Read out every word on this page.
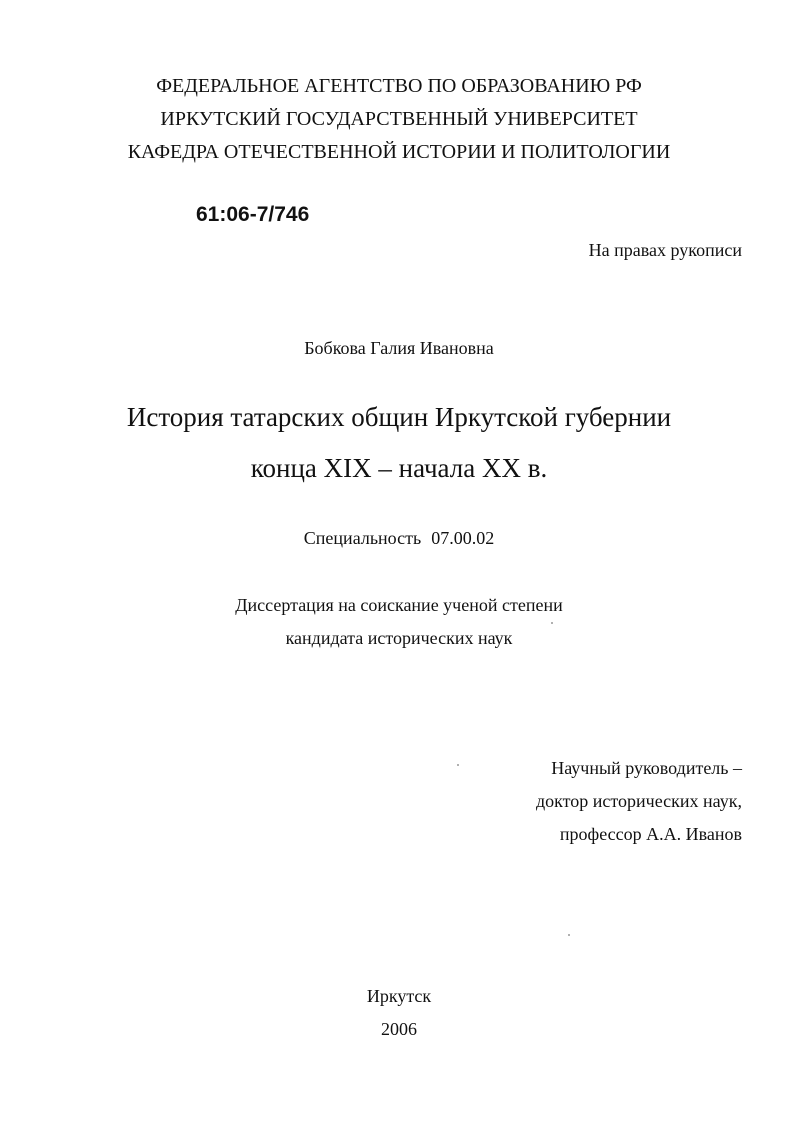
ФЕДЕРАЛЬНОЕ АГЕНТСТВО ПО ОБРАЗОВАНИЮ РФ
ИРКУТСКИЙ ГОСУДАРСТВЕННЫЙ УНИВЕРСИТЕТ
КАФЕДРА ОТЕЧЕСТВЕННОЙ ИСТОРИИ И ПОЛИТОЛОГИИ
61:06-7/746
На правах рукописи
Бобкова Галия Ивановна
История татарских общин Иркутской губернии
конца XIX – начала XX в.
Специальность 07.00.02
Диссертация на соискание ученой степени
кандидата исторических наук
Научный руководитель –
доктор исторических наук,
профессор А.А. Иванов
Иркутск
2006
